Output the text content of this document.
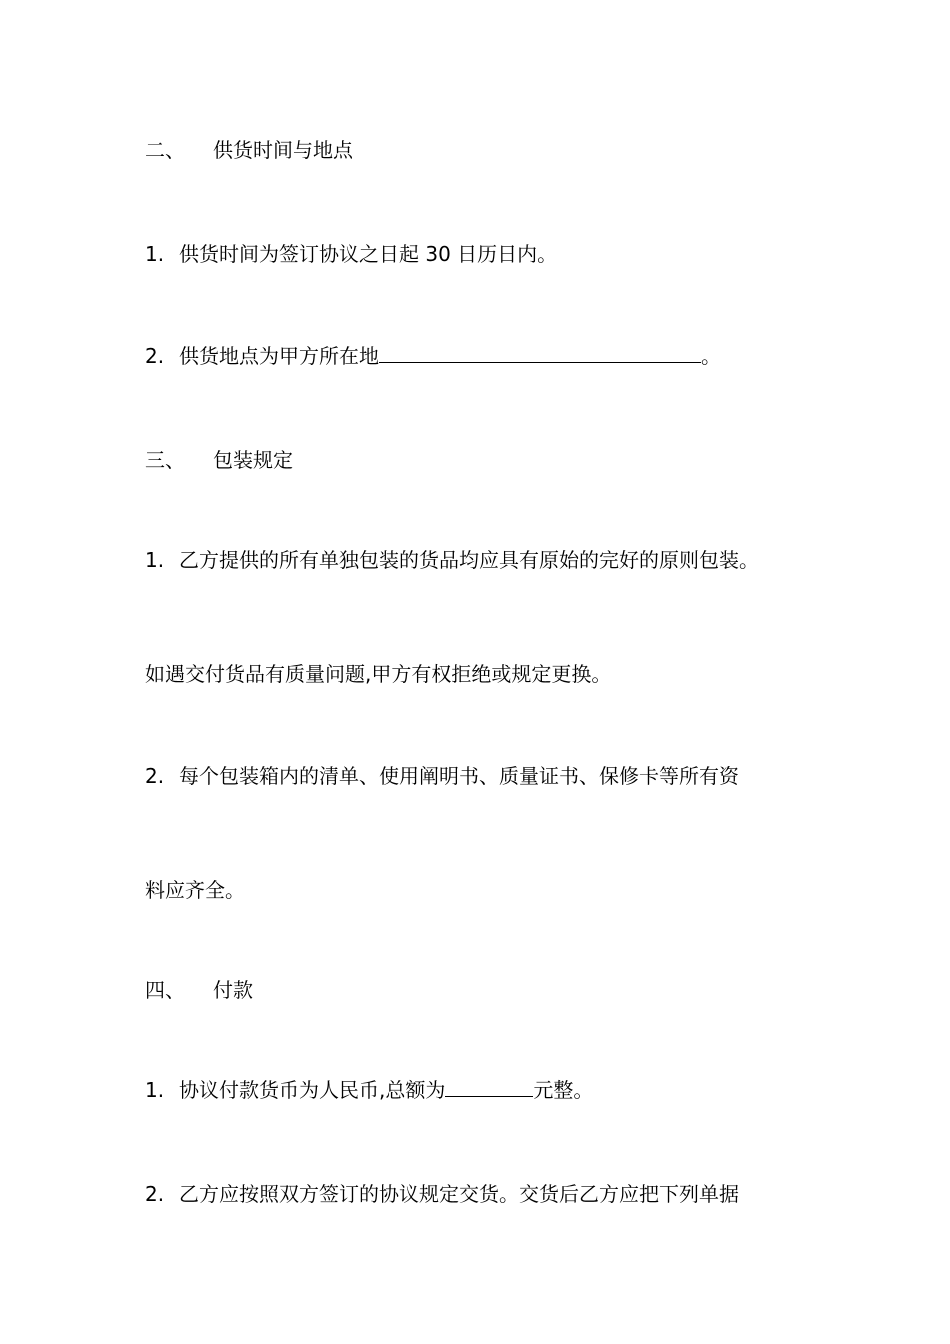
二、 供货时间与地点
1. 供货时间为签订协议之日起 30 日历日内。
2. 供货地点为甲方所在地	。
三、 包装规定
1. 乙方提供的所有单独包装的货品均应具有原始的完好的原则包装。
如遇交付货品有质量问题,甲方有权拒绝或规定更换。
2. 每个包装箱内的清单、使用阐明书、质量证书、保修卡等所有资
料应齐全。
四、 付款
1. 协议付款货币为人民币,总额为	元整。
2. 乙方应按照双方签订的协议规定交货。交货后乙方应把下列单据
